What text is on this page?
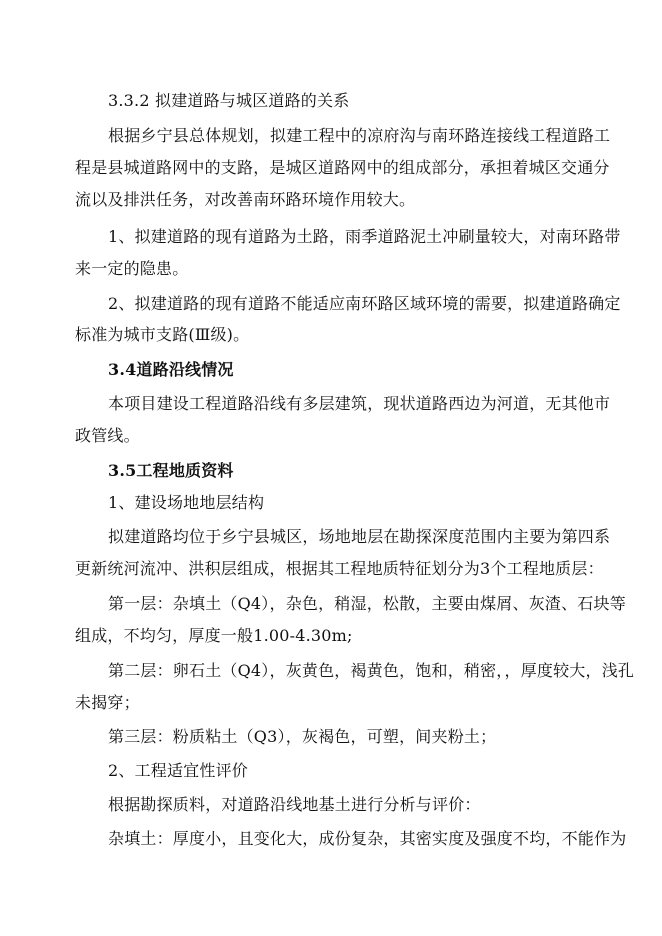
3.3.2 拟建道路与城区道路的关系
根据乡宁县总体规划，拟建工程中的凉府沟与南环路连接线工程道路工
程是县城道路网中的支路，是城区道路网中的组成部分，承担着城区交通分
流以及排洪任务，对改善南环路环境作用较大。
1、拟建道路的现有道路为土路，雨季道路泥土冲刷量较大，对南环路带
来一定的隐患。
2、拟建道路的现有道路不能适应南环路区域环境的需要，拟建道路确定
标准为城市支路(Ⅲ级)。
3.4道路沿线情况
本项目建设工程道路沿线有多层建筑，现状道路西边为河道，无其他市
政管线。
3.5工程地质资料
1、建设场地地层结构
拟建道路均位于乡宁县城区，场地地层在勘探深度范围内主要为第四系
更新统河流冲、洪积层组成，根据其工程地质特征划分为3个工程地质层：
第一层：杂填土（Q4），杂色，稍湿，松散，主要由煤屑、灰渣、石块等
组成，不均匀，厚度一般1.00-4.30m;
第二层：卵石土（Q4），灰黄色，褐黄色，饱和，稍密，，厚度较大，浅孔
未揭穿；
第三层：粉质粘土（Q3），灰褐色，可塑，间夹粉土；
2、工程适宜性评价
根据勘探质料，对道路沿线地基土进行分析与评价：
杂填土：厚度小，且变化大，成份复杂，其密实度及强度不均，不能作为
